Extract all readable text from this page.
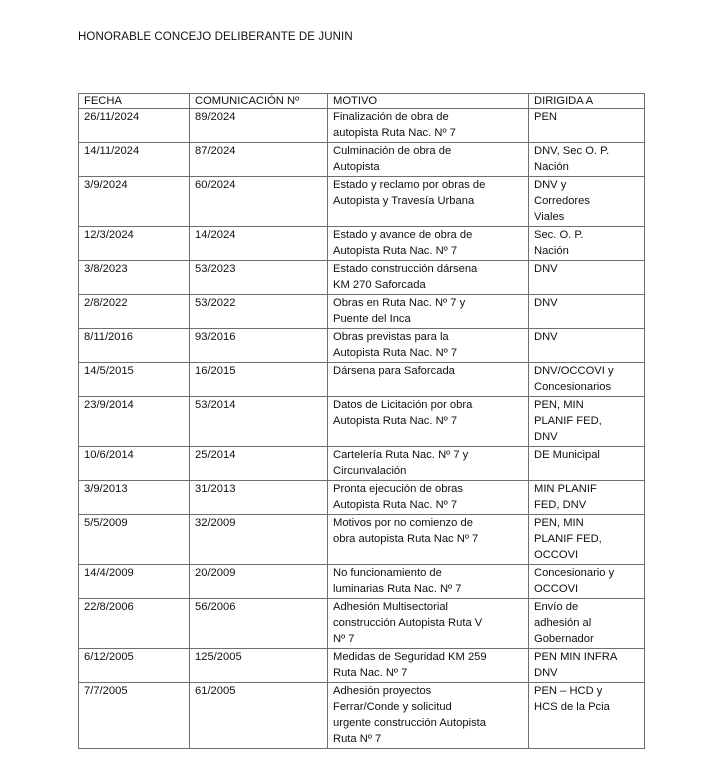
HONORABLE CONCEJO DELIBERANTE DE JUNIN
FECHA	COMUNICACIÓN Nº	MOTIVO	DIRIGIDA A

26/11/2024	89/2024	Finalización de obra de
autopista Ruta Nac. Nº 7	PEN

14/11/2024	87/2024	Culminación de obra de
Autopista	DNV, Sec O. P.
Nación

3/9/2024	60/2024	Estado y reclamo por obras de
Autopista y Travesía Urbana	DNV y
Corredores
Viales

12/3/2024	14/2024	Estado y avance de obra de
Autopista Ruta Nac. Nº 7	Sec. O. P.
Nación

3/8/2023	53/2023	Estado construcción dársena
KM 270 Saforcada	DNV

2/8/2022	53/2022	Obras en Ruta Nac. Nº 7 y
Puente del Inca	DNV

8/11/2016	93/2016	Obras previstas para la
Autopista Ruta Nac. Nº 7	DNV

14/5/2015	16/2015	Dársena para Saforcada	DNV/OCCOVI y
Concesionarios

23/9/2014	53/2014	Datos de Licitación por obra
Autopista Ruta Nac. Nº 7	PEN, MIN
PLANIF FED,
DNV

10/6/2014	25/2014	Cartelería Ruta Nac. Nº 7 y
Circunvalación	DE Municipal

3/9/2013	31/2013	Pronta ejecución de obras
Autopista Ruta Nac. Nº 7	MIN PLANIF
FED, DNV

5/5/2009	32/2009	Motivos por no comienzo de
obra autopista Ruta Nac Nº 7	PEN, MIN
PLANIF FED,
OCCOVI

14/4/2009	20/2009	No funcionamiento de
luminarias Ruta Nac. Nº 7	Concesionario y
OCCOVI

22/8/2006	56/2006	Adhesión Multisectorial
construcción Autopista Ruta V
Nº 7	Envío de
adhesión al
Gobernador

6/12/2005	125/2005	Medidas de Seguridad KM 259
Ruta Nac. Nº 7	PEN MIN INFRA
DNV

7/7/2005	61/2005	Adhesión proyectos
Ferrar/Conde y solicitud
urgente construcción Autopista
Ruta Nº 7	PEN – HCD y
HCS de la Pcia
